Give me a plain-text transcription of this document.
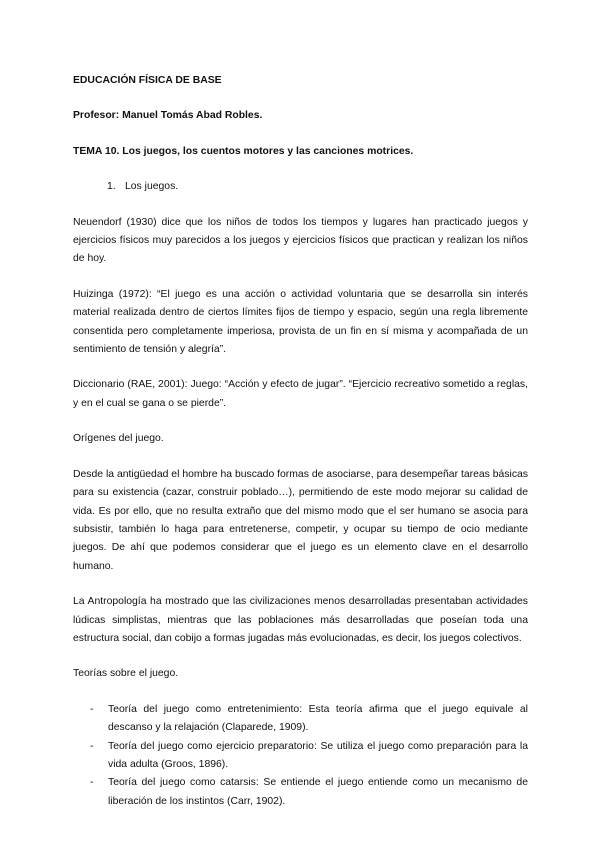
EDUCACIÓN FÍSICA DE BASE
Profesor: Manuel Tomás Abad Robles.
TEMA 10. Los juegos, los cuentos motores y las canciones motrices.
1. Los juegos.

Neuendorf (1930) dice que los niños de todos los tiempos y lugares han practicado juegos y ejercicios físicos muy parecidos a los juegos y ejercicios físicos que practican y realizan los niños de hoy.

Huizinga (1972): “El juego es una acción o actividad voluntaria que se desarrolla sin interés material realizada dentro de ciertos límites fijos de tiempo y espacio, según una regla libremente consentida pero completamente imperiosa, provista de un fin en sí misma y acompañada de un sentimiento de tensión y alegría”.

Diccionario (RAE, 2001): Juego: “Acción y efecto de jugar”. “Ejercicio recreativo sometido a reglas, y en el cual se gana o se pierde”.

Orígenes del juego.

Desde la antigüedad el hombre ha buscado formas de asociarse, para desempeñar tareas básicas para su existencia (cazar, construir poblado…), permitiendo de este modo mejorar su calidad de vida. Es por ello, que no resulta extraño que del mismo modo que el ser humano se asocia para subsistir, también lo haga para entretenerse, competir, y ocupar su tiempo de ocio mediante juegos. De ahí que podemos considerar que el juego es un elemento clave en el desarrollo humano.

La Antropología ha mostrado que las civilizaciones menos desarrolladas presentaban actividades lúdicas simplistas, mientras que las poblaciones más desarrolladas que poseían toda una estructura social, dan cobijo a formas jugadas más evolucionadas, es decir, los juegos colectivos.

Teorías sobre el juego.
-	Teoría del juego como entretenimiento: Esta teoría afirma que el juego equivale al descanso y la relajación (Claparede, 1909).
-	Teoría del juego como ejercicio preparatorio: Se utiliza el juego como preparación para la vida adulta (Groos, 1896).
-	Teoría del juego como catarsis: Se entiende el juego entiende como un mecanismo de liberación de los instintos (Carr, 1902).
